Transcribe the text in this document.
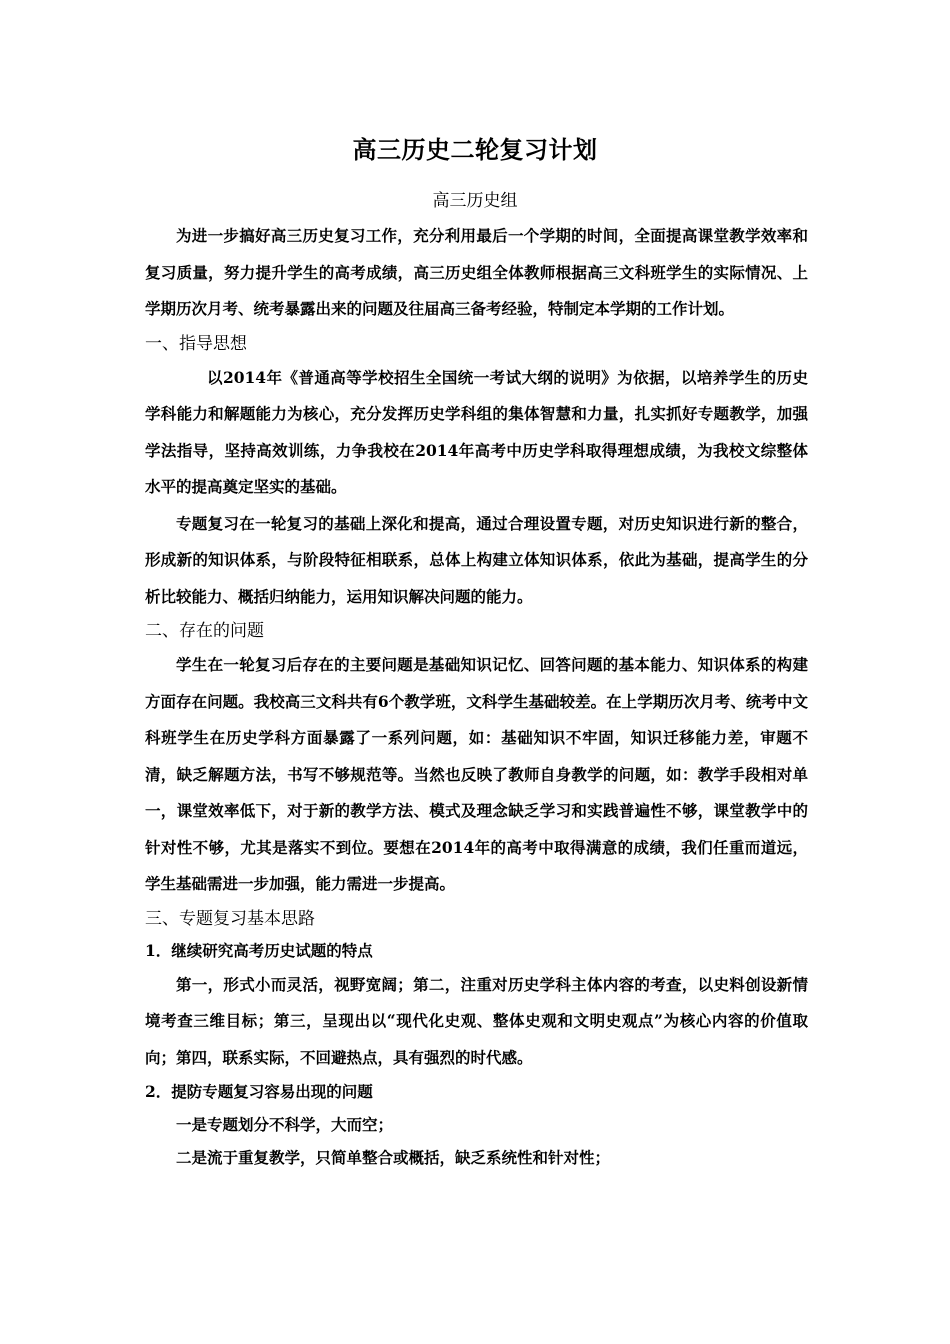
高三历史二轮复习计划
高三历史组

为进一步搞好高三历史复习工作，充分利用最后一个学期的时间，全面提高课堂教学效率和复习质量，努力提升学生的高考成绩，高三历史组全体教师根据高三文科班学生的实际情况、上学期历次月考、统考暴露出来的问题及往届高三备考经验，特制定本学期的工作计划。

一、指导思想

以2014年《普通高等学校招生全国统一考试大纲的说明》为依据，以培养学生的历史学科能力和解题能力为核心，充分发挥历史学科组的集体智慧和力量，扎实抓好专题教学，加强学法指导，坚持高效训练，力争我校在2014年高考中历史学科取得理想成绩，为我校文综整体水平的提高奠定坚实的基础。

专题复习在一轮复习的基础上深化和提高，通过合理设置专题，对历史知识进行新的整合，形成新的知识体系，与阶段特征相联系，总体上构建立体知识体系，依此为基础，提高学生的分析比较能力、概括归纳能力，运用知识解决问题的能力。

二、存在的问题

学生在一轮复习后存在的主要问题是基础知识记忆、回答问题的基本能力、知识体系的构建方面存在问题。我校高三文科共有6个教学班，文科学生基础较差。在上学期历次月考、统考中文科班学生在历史学科方面暴露了一系列问题，如：基础知识不牢固，知识迁移能力差，审题不清，缺乏解题方法，书写不够规范等。当然也反映了教师自身教学的问题，如：教学手段相对单一，课堂效率低下，对于新的教学方法、模式及理念缺乏学习和实践普遍性不够，课堂教学中的针对性不够，尤其是落实不到位。要想在2014年的高考中取得满意的成绩，我们任重而道远，学生基础需进一步加强，能力需进一步提高。

三、专题复习基本思路
1．继续研究高考历史试题的特点

第一，形式小而灵活，视野宽阔；第二，注重对历史学科主体内容的考查，以史料创设新情境考查三维目标；第三，呈现出以“现代化史观、整体史观和文明史观点”为核心内容的价值取向；第四，联系实际，不回避热点，具有强烈的时代感。

2．提防专题复习容易出现的问题

一是专题划分不科学，大而空；

二是流于重复教学，只简单整合或概括，缺乏系统性和针对性；
